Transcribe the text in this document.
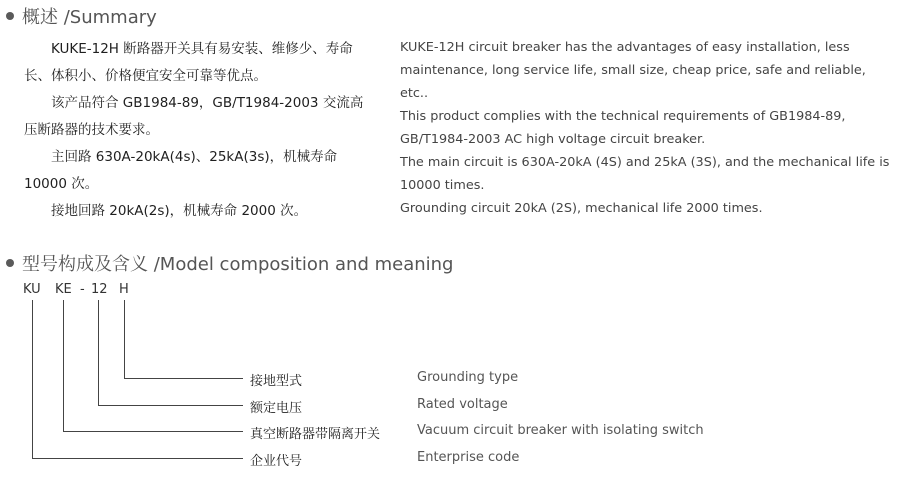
概述 /Summary

KUKE-12H 断路器开关具有易安装、维修少、寿命长、体积小、价格便宜安全可靠等优点。

该产品符合 GB1984-89，GB/T1984-2003 交流高压断路器的技术要求。

主回路 630A-20kA(4s)、25kA(3s)，机械寿命 10000 次。

接地回路 20kA(2s)，机械寿命 2000 次。

KUKE-12H circuit breaker has the advantages of easy installation, less maintenance, long service life, small size, cheap price, safe and reliable, etc..

This product complies with the technical requirements of GB1984-89, GB/T1984-2003 AC high voltage circuit breaker.

The main circuit is 630A-20kA (4S) and 25kA (3S), and the mechanical life is 10000 times.

Grounding circuit 20kA (2S), mechanical life 2000 times.

型号构成及含义 /Model composition and meaning
KU KE - 12 H
接地型式	Grounding type
额定电压	Rated voltage
真空断路器带隔离开关	Vacuum circuit breaker with isolating switch
企业代号	Enterprise code
